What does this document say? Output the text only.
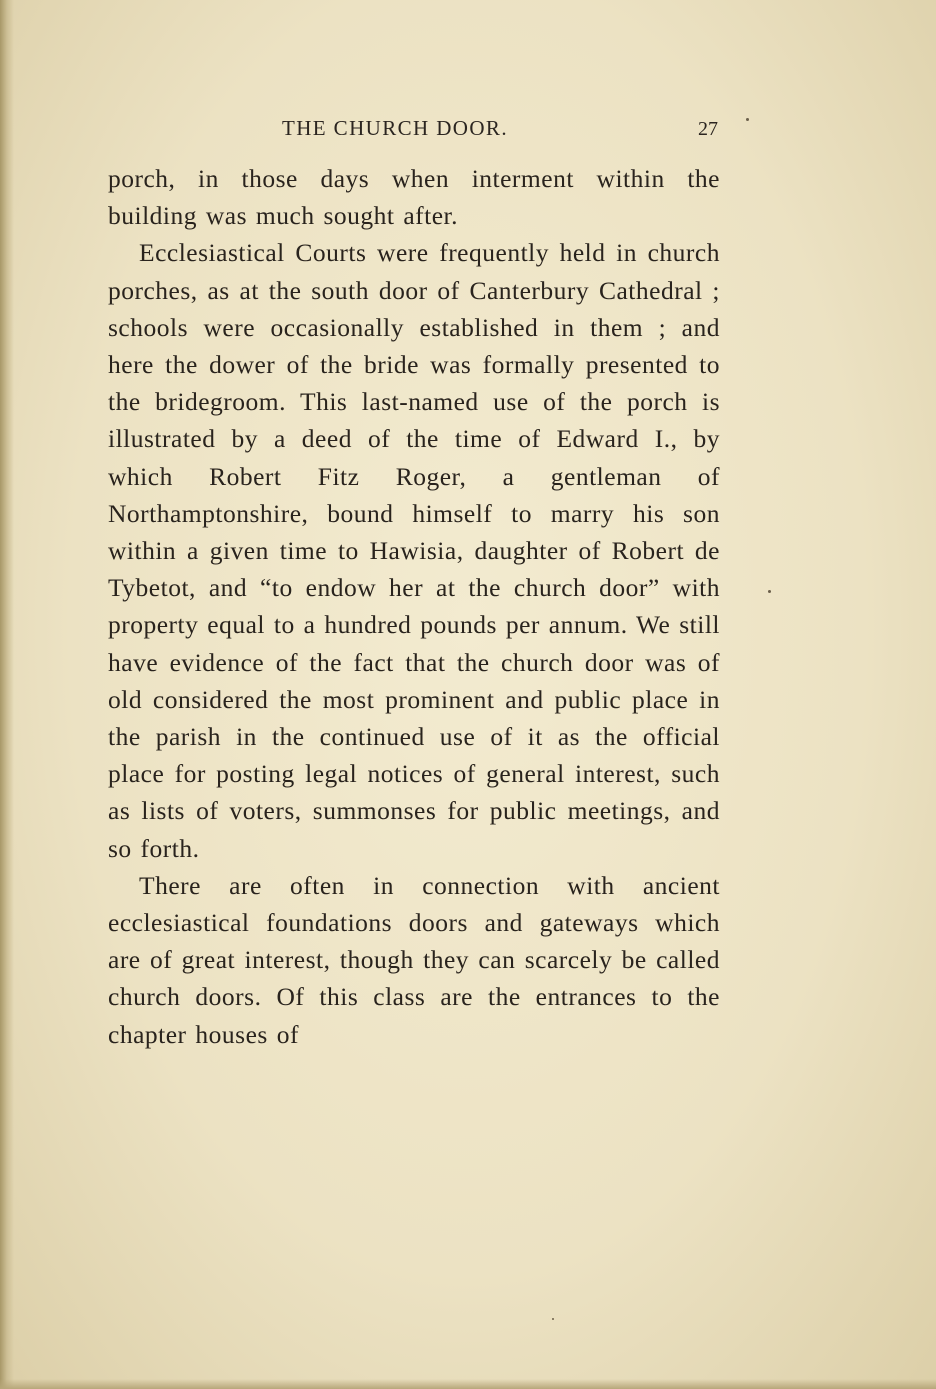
THE CHURCH DOOR.	27

porch, in those days when interment within the building was much sought after.

Ecclesiastical Courts were frequently held in church porches, as at the south door of Canterbury Cathedral ; schools were occasionally established in them ; and here the dower of the bride was formally presented to the bridegroom. This last-named use of the porch is illustrated by a deed of the time of Edward I., by which Robert Fitz Roger, a gentleman of Northamptonshire, bound himself to marry his son within a given time to Hawisia, daughter of Robert de Tybetot, and “to endow her at the church door” with property equal to a hundred pounds per annum. We still have evidence of the fact that the church door was of old considered the most prominent and public place in the parish in the continued use of it as the official place for posting legal notices of general interest, such as lists of voters, summonses for public meetings, and so forth.

There are often in connection with ancient ecclesiastical foundations doors and gateways which are of great interest, though they can scarcely be called church doors. Of this class are the entrances to the chapter houses of
